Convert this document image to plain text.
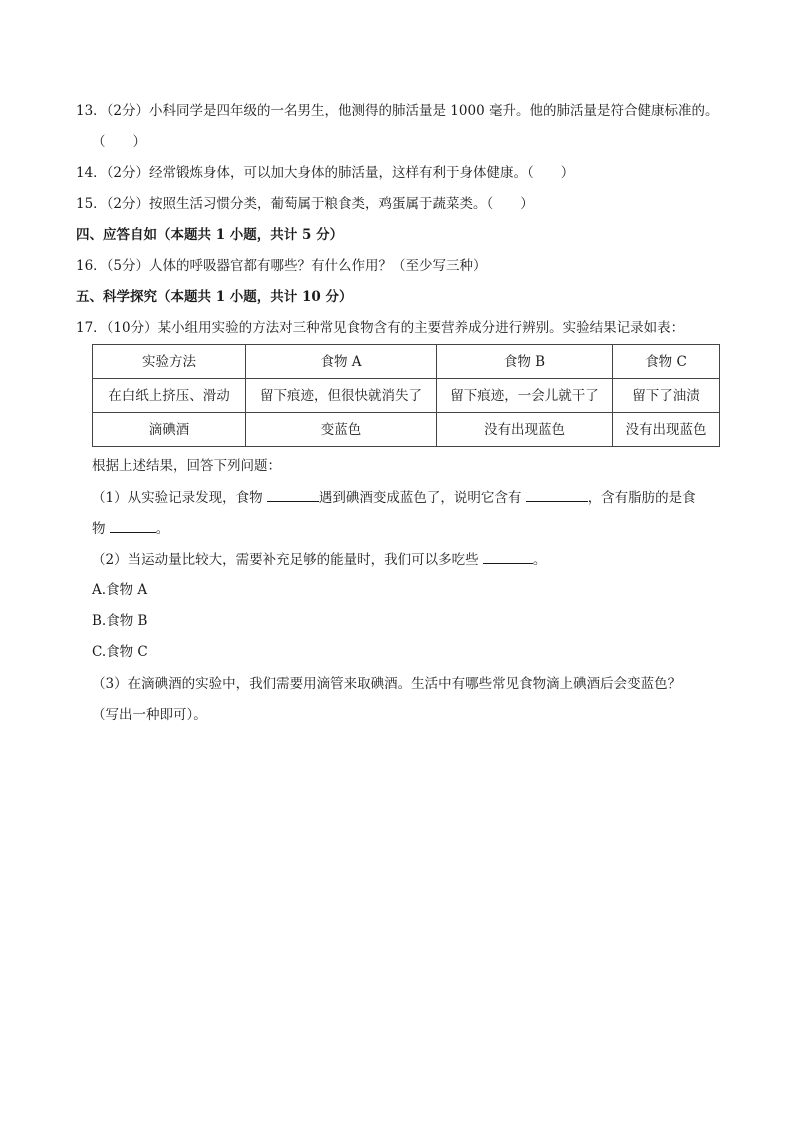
13．（2分）小科同学是四年级的一名男生，他测得的肺活量是 1000 毫升。他的肺活量是符合健康标准的。
（　　）
14．（2分）经常锻炼身体，可以加大身体的肺活量，这样有利于身体健康。（　　）
15．（2分）按照生活习惯分类，葡萄属于粮食类，鸡蛋属于蔬菜类。（　　）
四、应答自如（本题共 1 小题，共计 5 分）
16．（5分）人体的呼吸器官都有哪些？有什么作用？（至少写三种）
五、科学探究（本题共 1 小题，共计 10 分）
17．（10分）某小组用实验的方法对三种常见食物含有的主要营养成分进行辨别。实验结果记录如表：
实验方法	食物 A	食物 B	食物 C
在白纸上挤压、滑动	留下痕迹，但很快就消失了	留下痕迹，一会儿就干了	留下了油渍
滴碘酒	变蓝色	没有出现蓝色	没有出现蓝色
根据上述结果，回答下列问题：
（1）从实验记录发现，食物	遇到碘酒变成蓝色了，说明它含有	，含有脂肪的是食
物	。
（2）当运动量比较大，需要补充足够的能量时，我们可以多吃些	。
A.食物 A
B.食物 B
C.食物 C
（3）在滴碘酒的实验中，我们需要用滴管来取碘酒。生活中有哪些常见食物滴上碘酒后会变蓝色？
（写出一种即可）。
